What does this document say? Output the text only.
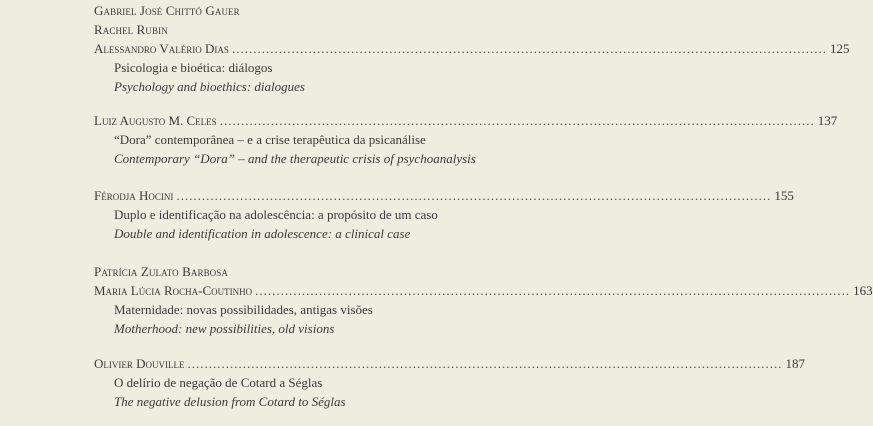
Gabriel José Chittó Gauer
Rachel Rubin
Alessandro Valério Dias ............................................................................................................................................ 125
Psicologia e bioética: diálogos
Psychology and bioethics: dialogues
Luiz Augusto M. Celes ............................................................................................................................................ 137
“Dora” contemporânea – e a crise terapêutica da psicanálise
Contemporary “Dora” – and the therapeutic crisis of psychoanalysis
Férodja Hocini ............................................................................................................................................ 155
Duplo e identificação na adolescência: a propósito de um caso
Double and identification in adolescence: a clinical case
Patrícia Zulato Barbosa
Maria Lúcia Rocha-Coutinho ............................................................................................................................................ 163
Maternidade: novas possibilidades, antigas visões
Motherhood: new possibilities, old visions
Olivier Douville ............................................................................................................................................ 187
O delírio de negação de Cotard a Séglas
The negative delusion from Cotard to Séglas
